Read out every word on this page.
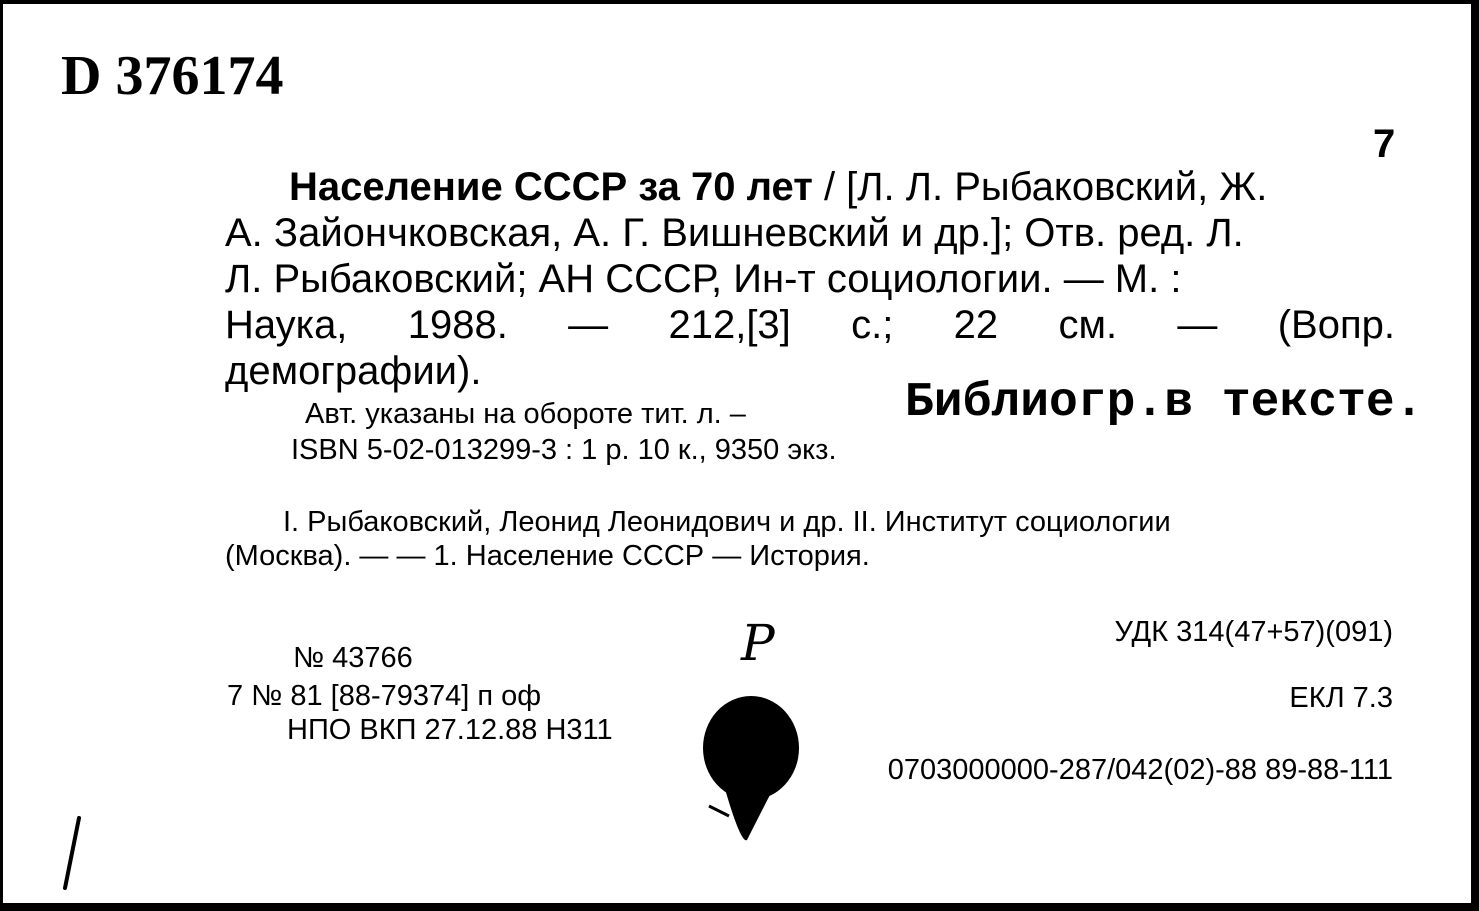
D 376174
7
Население СССР за 70 лет / [Л. Л. Рыбаковский, Ж.
А. Зайончковская, А. Г. Вишневский и др.]; Отв. ред. Л.
Л. Рыбаковский; АН СССР, Ин-т социологии. — М. :
Наука, 1988. — 212,[3] с.; 22 см. — (Вопр.
демографии).
Авт. указаны на обороте тит. л. –	Библиогр.в тексте.
ISBN 5-02-013299-3 : 1 р. 10 к., 9350 экз.
I. Рыбаковский, Леонид Леонидович и др. II. Институт социологии
(Москва). — — 1. Население СССР — История.
Р
№ 43766
7 № 81 [88-79374] п оф
НПО ВКП 27.12.88 Н311
УДК 314(47+57)(091)
ЕКЛ 7.3
0703000000-287/042(02)-88 89-88-111
